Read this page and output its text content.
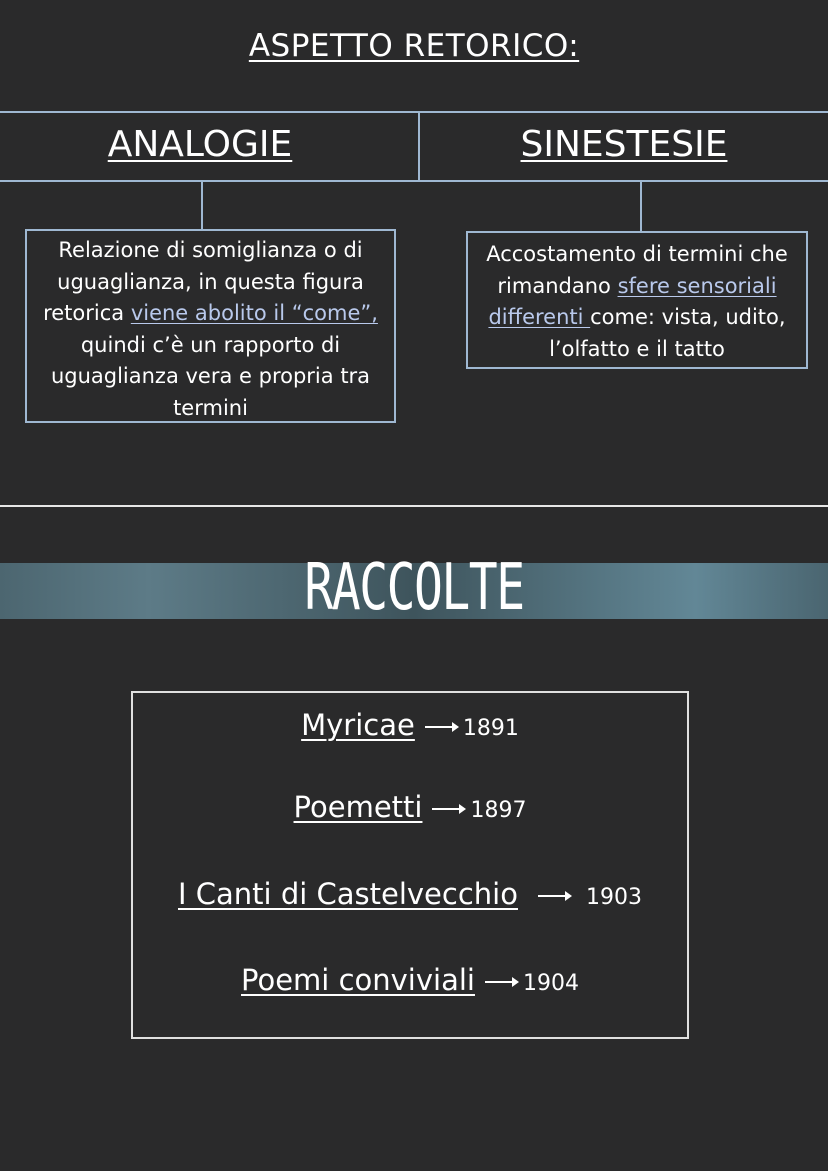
ASPETTO RETORICO:
ANALOGIE	SINESTESIE
Relazione di somiglianza o di uguaglianza, in questa figura retorica viene abolito il “come”, quindi c’è un rapporto di uguaglianza vera e propria tra termini
Accostamento di termini che rimandano sfere sensoriali differenti come: vista, udito, l’olfatto e il tatto
RACCOLTE
Myricae 1891
Poemetti 1897
I Canti di Castelvecchio	1903
Poemi conviviali 1904
